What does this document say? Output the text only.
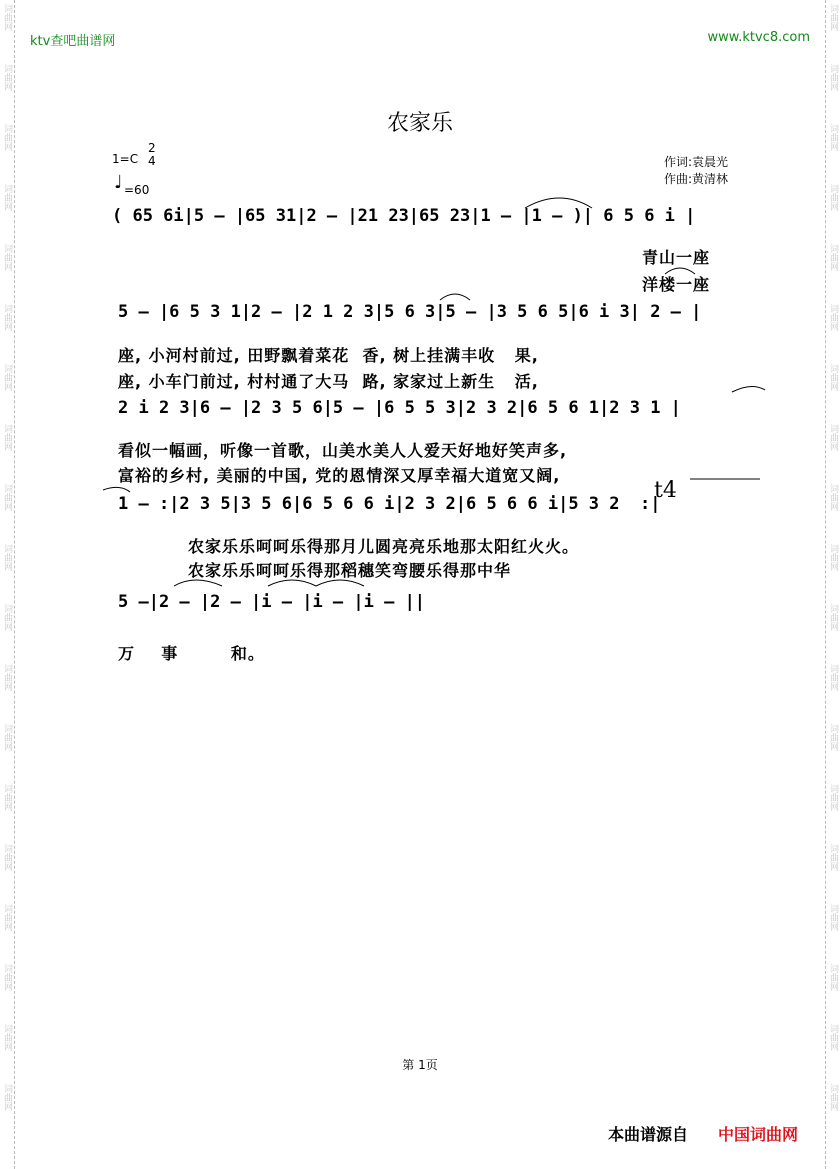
词曲网	词曲网
词曲网	词曲网
词曲网	词曲网
词曲网	词曲网
词曲网	词曲网
词曲网	词曲网
词曲网	词曲网
词曲网	词曲网
词曲网	词曲网
词曲网	词曲网
词曲网	词曲网
词曲网	词曲网
词曲网	词曲网
词曲网	词曲网
词曲网	词曲网
词曲网	词曲网
词曲网	词曲网
词曲网	词曲网
词曲网	词曲网
ktv查吧曲谱网	www.ktvc8.com
农家乐
1=C
2
4
♩ =60
作词:袁晨光
作曲:黄清林
( 65 6i|5 – |65 31|2 – |21 23|65 23|1 – |1 – )| 6 5 6 i |
青山一座
洋楼一座
5 – |6 5 3 1|2 – |2 1 2 3|5 6 3|5 – |3 5 6 5|6 i 3| 2 – |
座, 小河村前过, 田野飘着菜花  香, 树上挂满丰收   果,
座, 小车门前过, 村村通了大马  路, 家家过上新生   活,
2 i 2 3|6 – |2 3 5 6|5 – |6 5 5 3|2 3 2|6 5 6 1|2 3 1 |
看似一幅画，听像一首歌，山美水美人人爱天好地好笑声多,
富裕的乡村, 美丽的中国, 党的恩情深又厚幸福大道宽又阔,
t4
1 – :|2 3 5|3 5 6|6 5 6 6 i|2 3 2|6 5 6 6 i|5 3 2  :|
农家乐乐呵呵乐得那月儿圆亮亮乐地那太阳红火火。
农家乐乐呵呵乐得那稻穗笑弯腰乐得那中华
5 –|2 – |2 – |i – |i – |i – ||
万    事        和。
第 1页
本曲谱源自 中国词曲网
